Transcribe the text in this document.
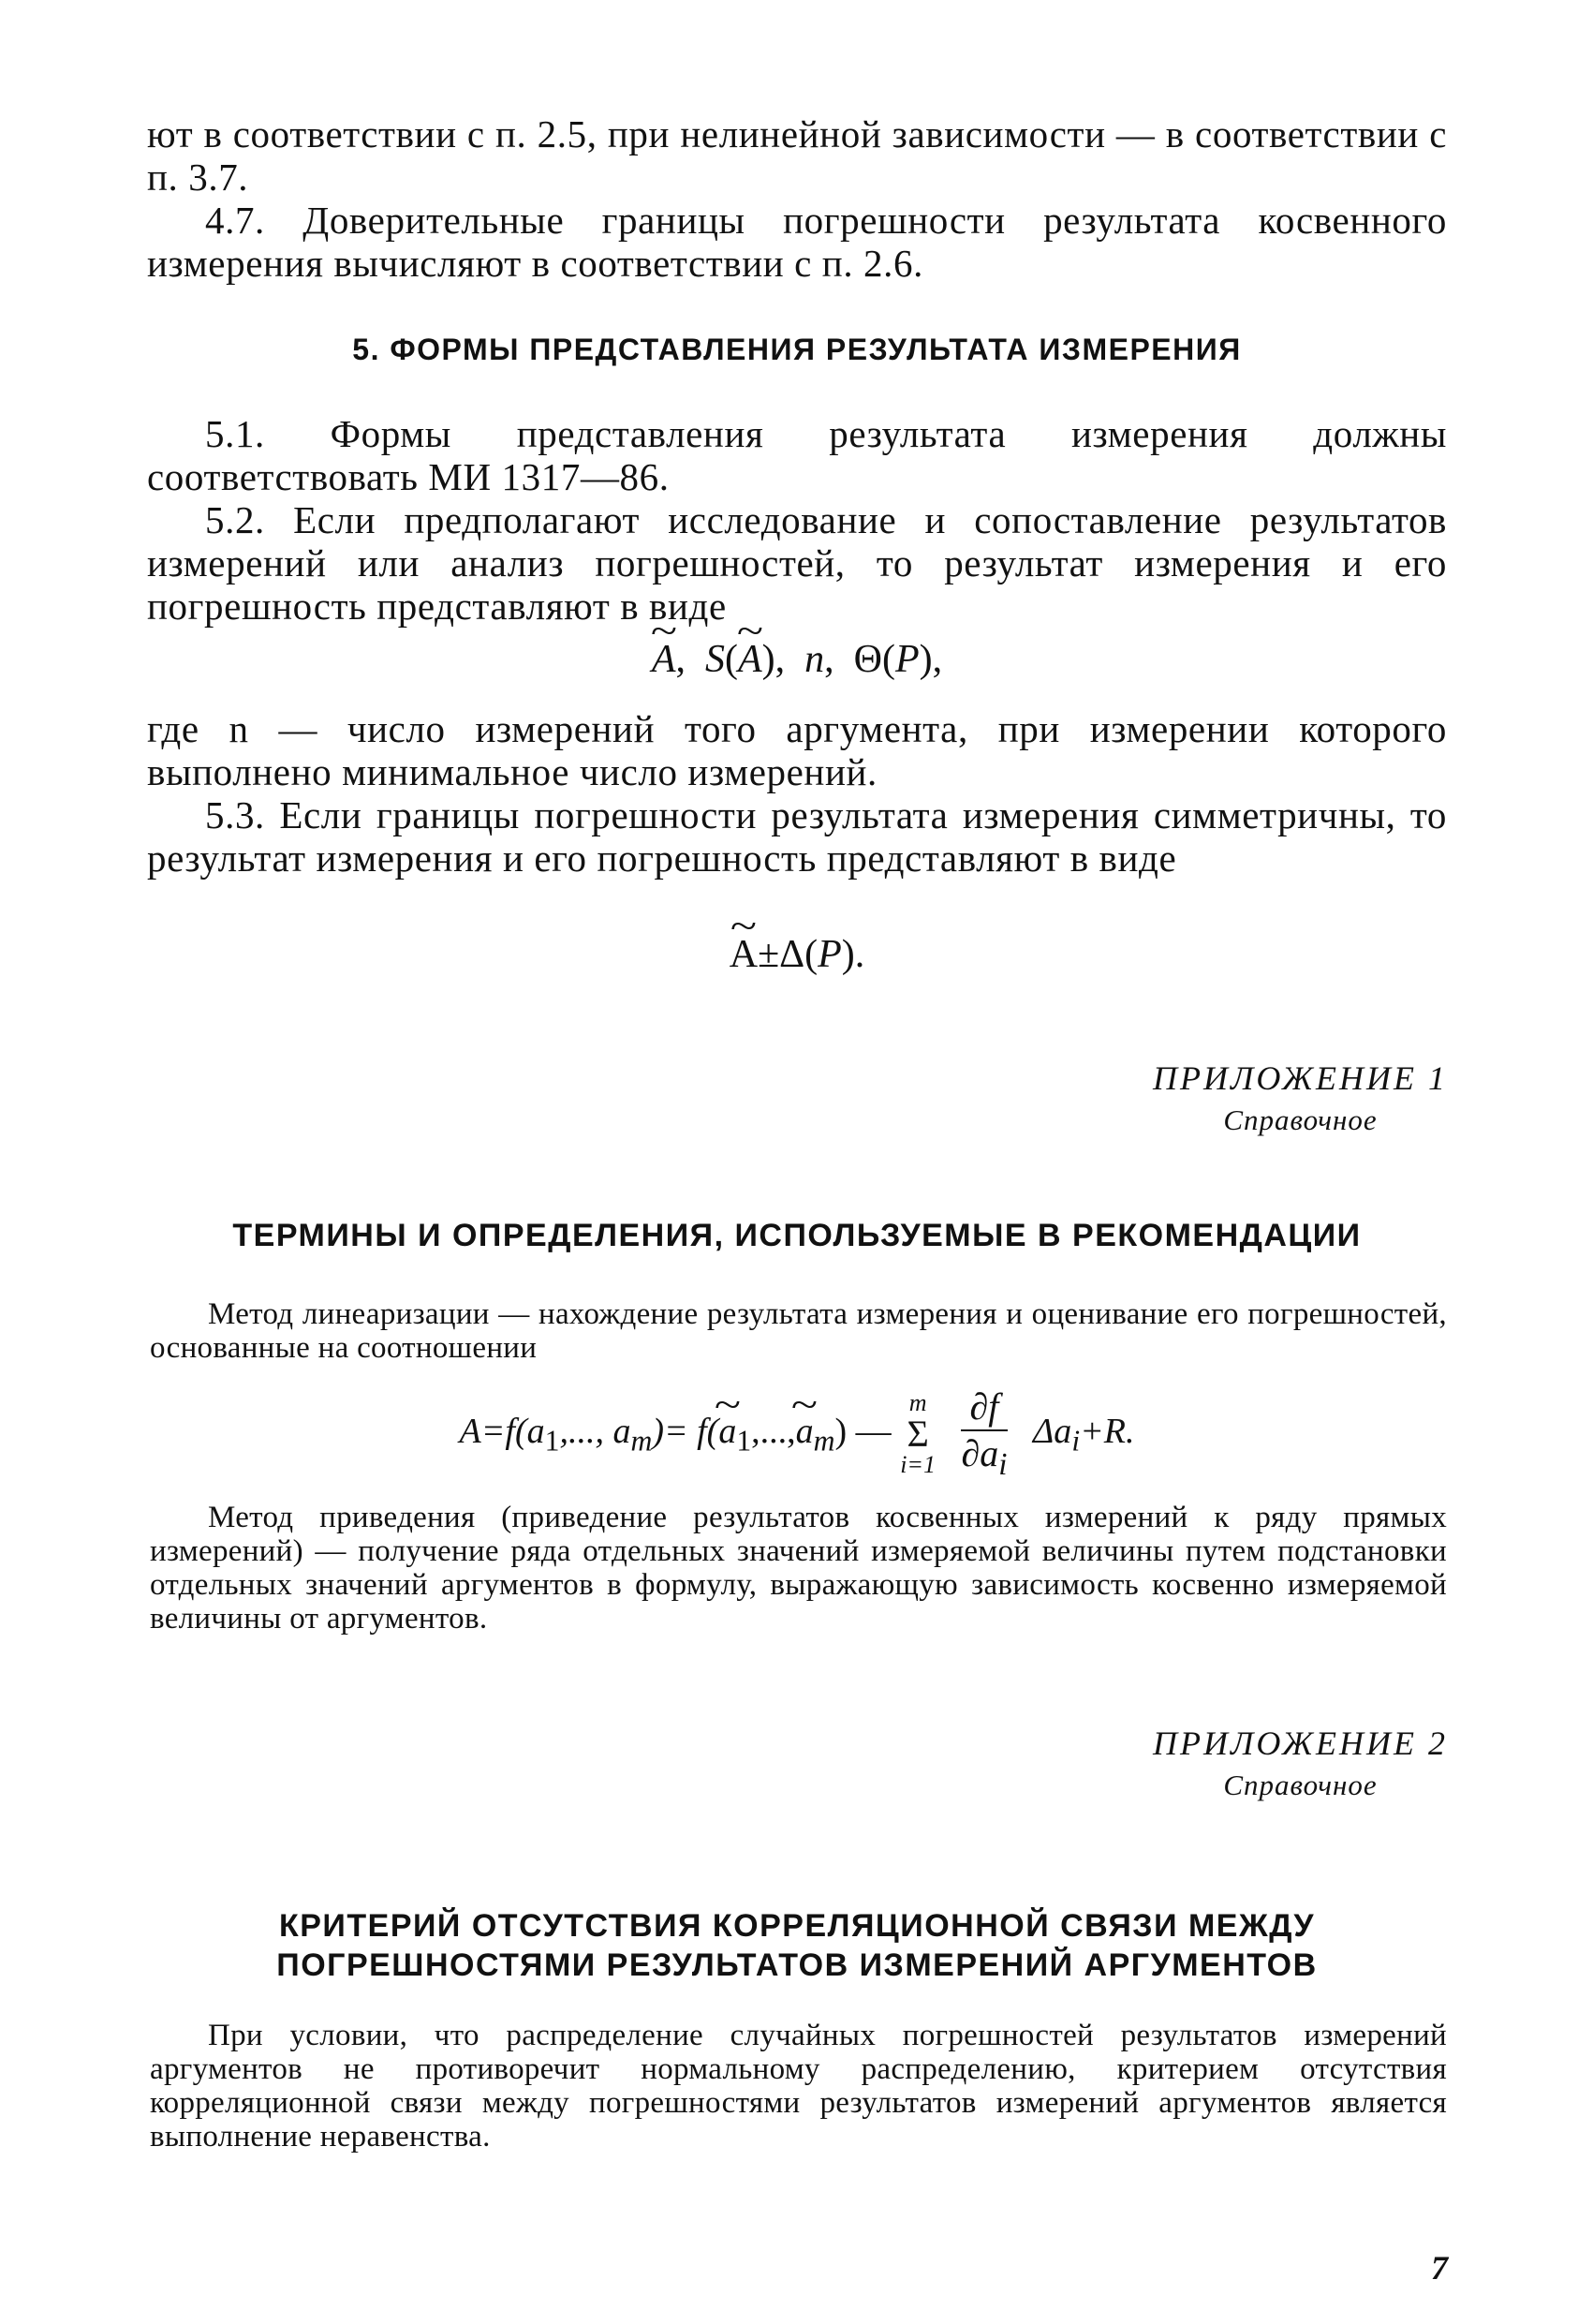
ют в соответствии с п. 2.5, при нелинейной зависимости — в соответствии с п. 3.7.

4.7. Доверительные границы погрешности результата косвенного измерения вычисляют в соответствии с п. 2.6.

5. ФОРМЫ ПРЕДСТАВЛЕНИЯ РЕЗУЛЬТАТА ИЗМЕРЕНИЯ

5.1. Формы представления результата измерения должны соответствовать МИ 1317—86.

5.2. Если предполагают исследование и сопоставление результатов измерений или анализ погрешностей, то результат измерения и его погрешность представляют в виде

~ A,  S(~ A),  n,  Θ(P),

где n — число измерений того аргумента, при измерении которого выполнено минимальное число измерений.

5.3. Если границы погрешности результата измерения симметричны, то результат измерения и его погрешность представляют в виде

~ A±Δ(P).
ПРИЛОЖЕНИЕ 1
Справочное
ТЕРМИНЫ И ОПРЕДЕЛЕНИЯ, ИСПОЛЬЗУЕМЫЕ В РЕКОМЕНДАЦИИ

Метод линеаризации — нахождение результата измерения и оценивание его погрешностей, основанные на соотношении

$A=f(a_1$,..., $a_m)=$ f(~ $a_1,...,\sim$ $a_m$) —
m
Σ
i=1
$\frac{\partial f}{\partial a_i} \Delta a_i+R$.

Метод приведения (приведение результатов косвенных измерений к ряду прямых измерений) — получение ряда отдельных значений измеряемой величины путем подстановки отдельных значений аргументов в формулу, выражающую зависимость косвенно измеряемой величины от аргументов.

ПРИЛОЖЕНИЕ 2
Справочное
КРИТЕРИЙ ОТСУТСТВИЯ КОРРЕЛЯЦИОННОЙ СВЯЗИ МЕЖДУ
ПОГРЕШНОСТЯМИ РЕЗУЛЬТАТОВ ИЗМЕРЕНИЙ АРГУМЕНТОВ

При условии, что распределение случайных погрешностей результатов измерений аргументов не противоречит нормальному распределению, критерием отсутствия корреляционной связи между погрешностями результатов измерений аргументов является выполнение неравенства.

7
